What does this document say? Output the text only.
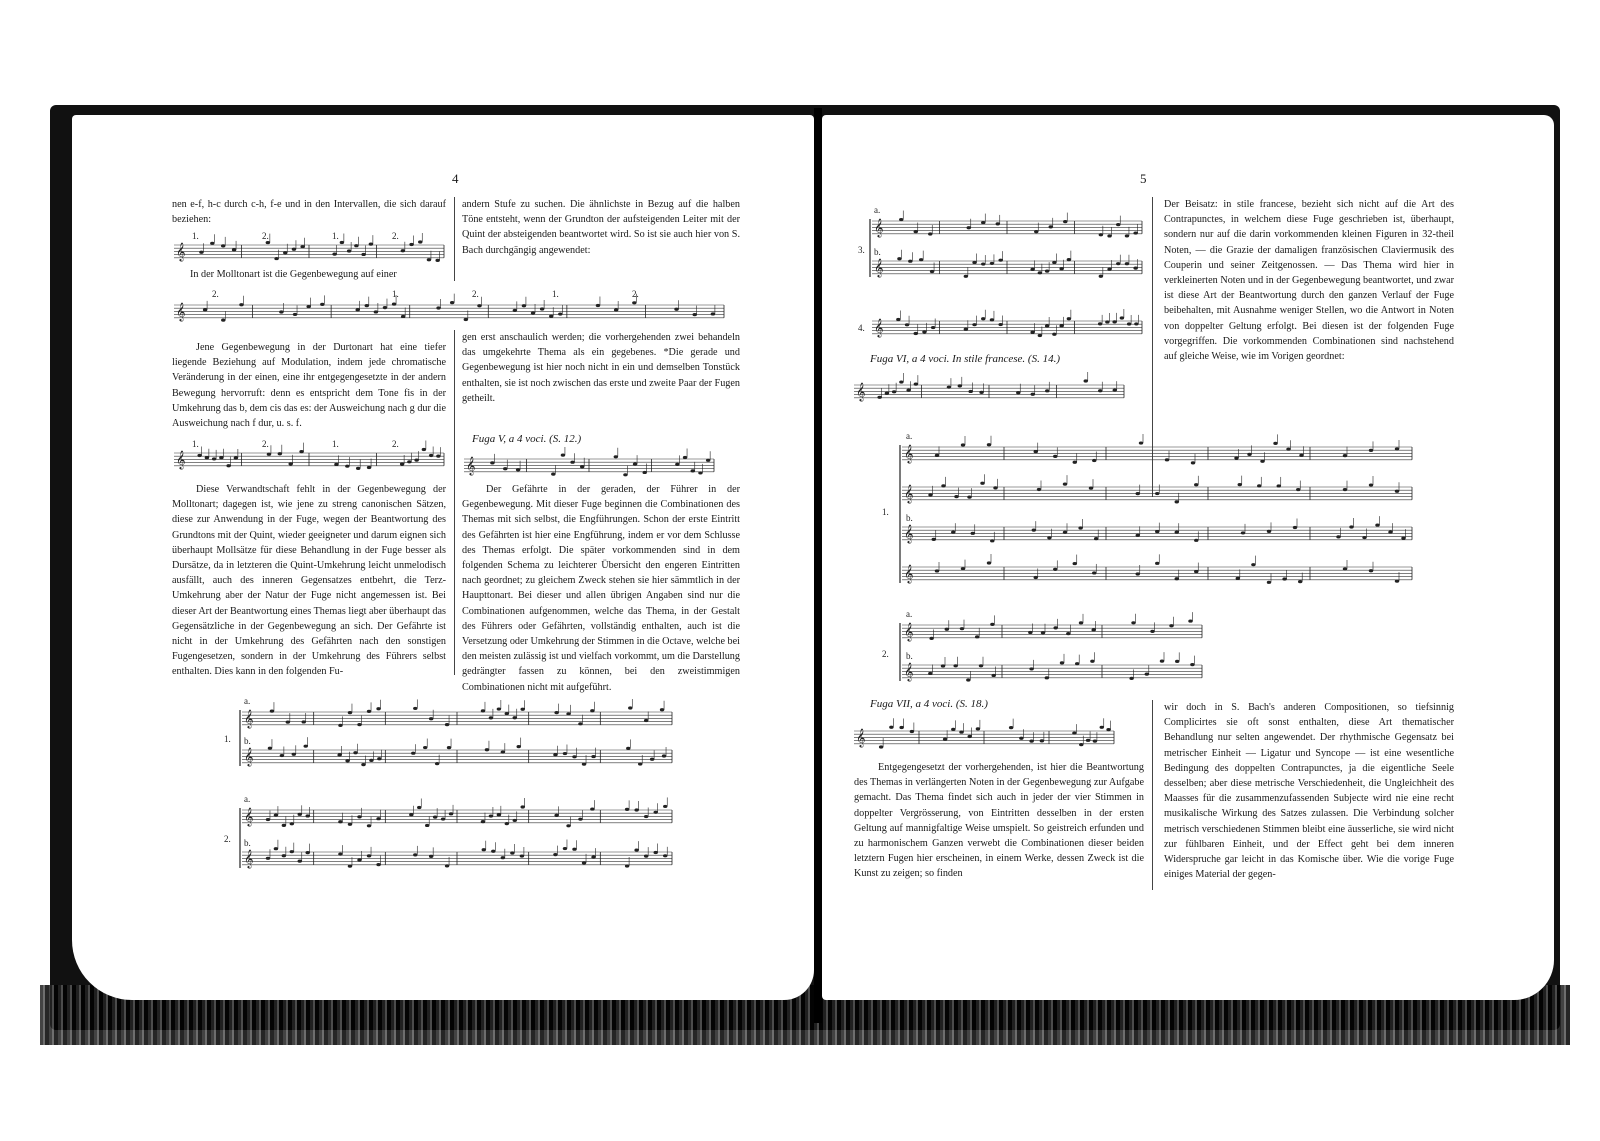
4
nen e-f, h-c durch c-h, f-e und in den Intervallen, die sich darauf beziehen:
𝄞
1.	2.	1.	2.
In der Molltonart ist die Gegenbewegung auf einer
andern Stufe zu suchen. Die ähnlichste in Bezug auf die halben Töne entsteht, wenn der Grundton der aufsteigenden Leiter mit der Quint der absteigenden beantwortet wird. So ist sie auch hier von S. Bach durchgängig angewendet:
𝄞
2.	1.	2.	1.	2.
Jene Gegenbewegung in der Durtonart hat eine tiefer liegende Beziehung auf Modulation, indem jede chromatische Veränderung in der einen, eine ihr entgegengesetzte in der andern Bewegung hervorruft: denn es entspricht dem Tone fis in der Umkehrung das b, dem cis das es: der Ausweichung nach g dur die Ausweichung nach f dur, u. s. f.
𝄞
1.	2.	1.	2.
Diese Verwandtschaft fehlt in der Gegenbewegung der Molltonart; dagegen ist, wie jene zu streng canonischen Sätzen, diese zur Anwendung in der Fuge, wegen der Beantwortung des Grundtons mit der Quint, wieder geeigneter und darum eignen sich überhaupt Mollsätze für diese Behandlung in der Fuge besser als Dursätze, da in letzteren die Quint-Umkehrung leicht unmelodisch ausfällt, auch des inneren Gegensatzes entbehrt, die Terz-Umkehrung aber der Natur der Fuge nicht angemessen ist. Bei dieser Art der Beantwortung eines Themas liegt aber überhaupt das Gegensätzliche in der Gegenbewegung an sich. Der Gefährte ist nicht in der Umkehrung des Gefährten nach den sonstigen Fugengesetzen, sondern in der Umkehrung des Führers selbst enthalten. Dies kann in den folgenden Fu-
gen erst anschaulich werden; die vorhergehenden zwei behandeln das umgekehrte Thema als ein gegebenes. *Die gerade und Gegenbewegung ist hier noch nicht in ein und demselben Tonstück enthalten, sie ist noch zwischen das erste und zweite Paar der Fugen getheilt.
Fuga V, a 4 voci. (S. 12.)
𝄞
Der Gefährte in der geraden, der Führer in der Gegenbewegung. Mit dieser Fuge beginnen die Combinationen des Themas mit sich selbst, die Engführungen. Schon der erste Eintritt des Gefährten ist hier eine Engführung, indem er vor dem Schlusse des Themas erfolgt. Die später vorkommenden sind in dem folgenden Schema zu leichterer Übersicht den engeren Eintritten nach geordnet; zu gleichem Zweck stehen sie hier sämmtlich in der Haupttonart. Bei dieser und allen übrigen Angaben sind nur die Combinationen aufgenommen, welche das Thema, in der Gestalt des Führers oder Gefährten, vollständig enthalten, auch ist die Versetzung oder Umkehrung der Stimmen in die Octave, welche bei den meisten zulässig ist und vielfach vorkommt, um die Darstellung gedrängter fassen zu können, bei den zweistimmigen Combinationen nicht mit aufgeführt.
𝄞
𝄞
𝄞
𝄞
a.
b.
1.
a.
b.
2.
5
𝄞
𝄞
𝄞
a.
b.
3.
4.
Der Beisatz: in stile francese, bezieht sich nicht auf die Art des Contrapunctes, in welchem diese Fuge geschrieben ist, überhaupt, sondern nur auf die darin vorkommenden kleinen Figuren in 32-theil Noten, — die Grazie der damaligen französischen Claviermusik des Couperin und seiner Zeitgenossen. — Das Thema wird hier in verkleinerten Noten und in der Gegenbewegung beantwortet, und zwar ist diese Art der Beantwortung durch den ganzen Verlauf der Fuge beibehalten, mit Ausnahme weniger Stellen, wo die Antwort in Noten von doppelter Geltung erfolgt. Bei diesen ist der folgenden Fuge vorgegriffen. Die vorkommenden Combinationen sind nachstehend auf gleiche Weise, wie im Vorigen geordnet:
Fuga VI, a 4 voci. In stile francese. (S. 14.)
𝄞
𝄞
𝄞
𝄞
𝄞
𝄞
𝄞
a.
b.
1.
a.
b.
2.
Fuga VII, a 4 voci. (S. 18.)
𝄞
Entgegengesetzt der vorhergehenden, ist hier die Beantwortung des Themas in verlängerten Noten in der Gegenbewegung zur Aufgabe gemacht. Das Thema findet sich auch in jeder der vier Stimmen in doppelter Vergrösserung, von Eintritten desselben in der ersten Geltung auf mannigfaltige Weise umspielt. So geistreich erfunden und zu harmonischem Ganzen verwebt die Combinationen dieser beiden letztern Fugen hier erscheinen, in einem Werke, dessen Zweck ist die Kunst zu zeigen; so finden
wir doch in S. Bach's anderen Compositionen, so tiefsinnig Complicirtes sie oft sonst enthalten, diese Art thematischer Behandlung nur selten angewendet. Der rhythmische Gegensatz bei metrischer Einheit — Ligatur und Syncope — ist eine wesentliche Bedingung des doppelten Contrapunctes, ja die eigentliche Seele desselben; aber diese metrische Verschiedenheit, die Ungleichheit des Maasses für die zusammenzufassenden Subjecte wird nie eine recht musikalische Wirkung des Satzes zulassen. Die Verbindung solcher metrisch verschiedenen Stimmen bleibt eine äusserliche, sie wird nicht zur fühlbaren Einheit, und der Effect geht bei dem inneren Widerspruche gar leicht in das Komische über. Wie die vorige Fuge einiges Material der gegen-
